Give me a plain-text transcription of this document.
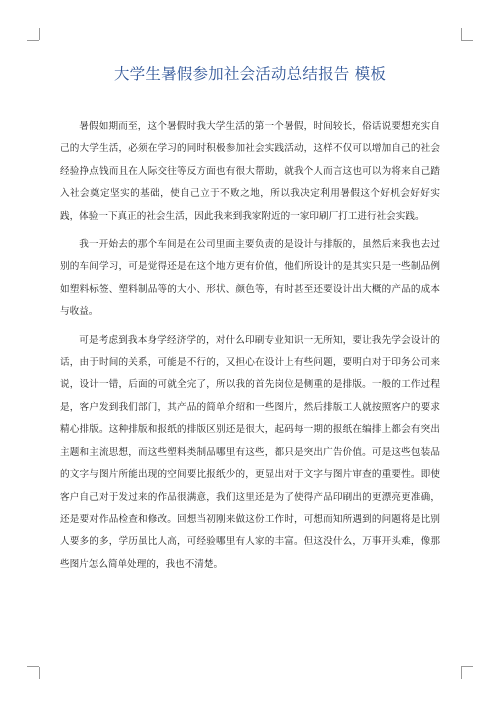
大学生暑假参加社会活动总结报告 模板

暑假如期而至，这个暑假时我大学生活的第一个暑假，时间较长，俗话说要想充实自己的大学生活，必须在学习的同时积极参加社会实践活动，这样不仅可以增加自己的社会经验挣点钱而且在人际交往等反方面也有很大帮助，就我个人而言这也可以为将来自己踏入社会奠定坚实的基础，使自己立于不败之地，所以我决定利用暑假这个好机会好好实践，体验一下真正的社会生活，因此我来到我家附近的一家印刷厂打工进行社会实践。

我一开始去的那个车间是在公司里面主要负责的是设计与排版的，虽然后来我也去过别的车间学习，可是觉得还是在这个地方更有价值，他们所设计的是其实只是一些制品例如塑料标签、塑料制品等的大小、形状、颜色等，有时甚至还要设计出大概的产品的成本与收益。

可是考虑到我本身学经济学的，对什么印刷专业知识一无所知，要让我先学会设计的话，由于时间的关系，可能是不行的，又担心在设计上有些问题，要明白对于印务公司来说，设计一错，后面的可就全完了，所以我的首先岗位是侧重的是排版。一般的工作过程是，客户发到我们部门，其产品的简单介绍和一些图片，然后排版工人就按照客户的要求精心排版。这种排版和报纸的排版区别还是很大，起码每一期的报纸在编排上都会有突出主题和主流思想，而这些塑料类制品哪里有这些，都只是突出广告价值。可是这些包装品的文字与图片所能出现的空间要比报纸少的，更显出对于文字与图片审查的重要性。即使客户自己对于发过来的作品很满意，我们这里还是为了使得产品印刷出的更漂亮更准确，还是要对作品检查和修改。回想当初刚来做这份工作时，可想而知所遇到的问题将是比别人要多的多，学历虽比人高，可经验哪里有人家的丰富。但这没什么，万事开头难，像那些图片怎么简单处理的，我也不清楚。
